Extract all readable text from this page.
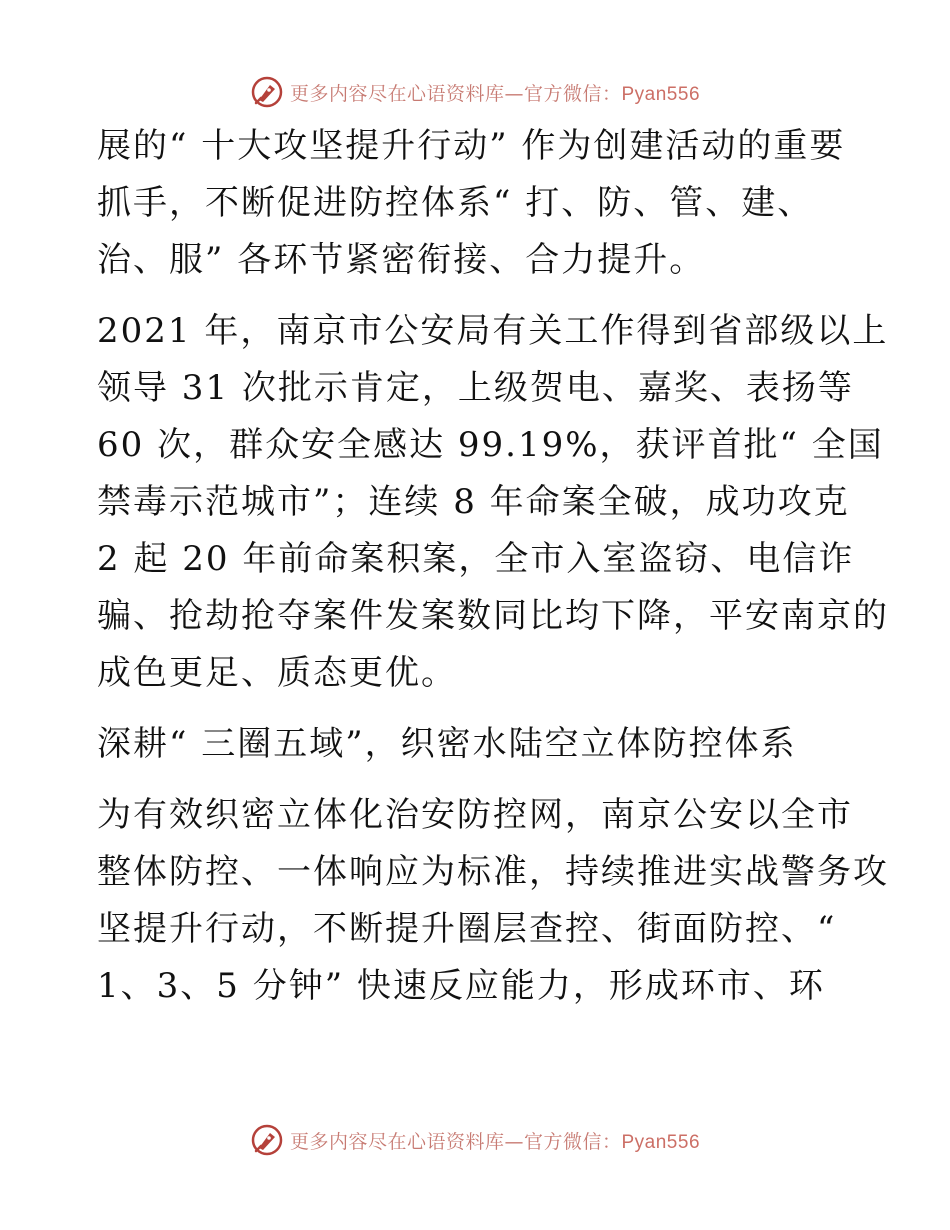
更多内容尽在心语资料库—官方微信：Pyan556

展的“ 十大攻坚提升行动” 作为创建活动的重要
抓手，不断促进防控体系“ 打、防、管、建、
治、服” 各环节紧密衔接、合力提升。

2021 年，南京市公安局有关工作得到省部级以上
领导 31 次批示肯定，上级贺电、嘉奖、表扬等
60 次，群众安全感达 99.19%，获评首批“ 全国
禁毒示范城市”；连续 8 年命案全破，成功攻克
2 起 20 年前命案积案，全市入室盗窃、电信诈
骗、抢劫抢夺案件发案数同比均下降，平安南京的
成色更足、质态更优。

深耕“ 三圈五域”，织密水陆空立体防控体系

为有效织密立体化治安防控网，南京公安以全市
整体防控、一体响应为标准，持续推进实战警务攻
坚提升行动，不断提升圈层查控、街面防控、“
1、3、5 分钟” 快速反应能力，形成环市、环

更多内容尽在心语资料库—官方微信：Pyan556
